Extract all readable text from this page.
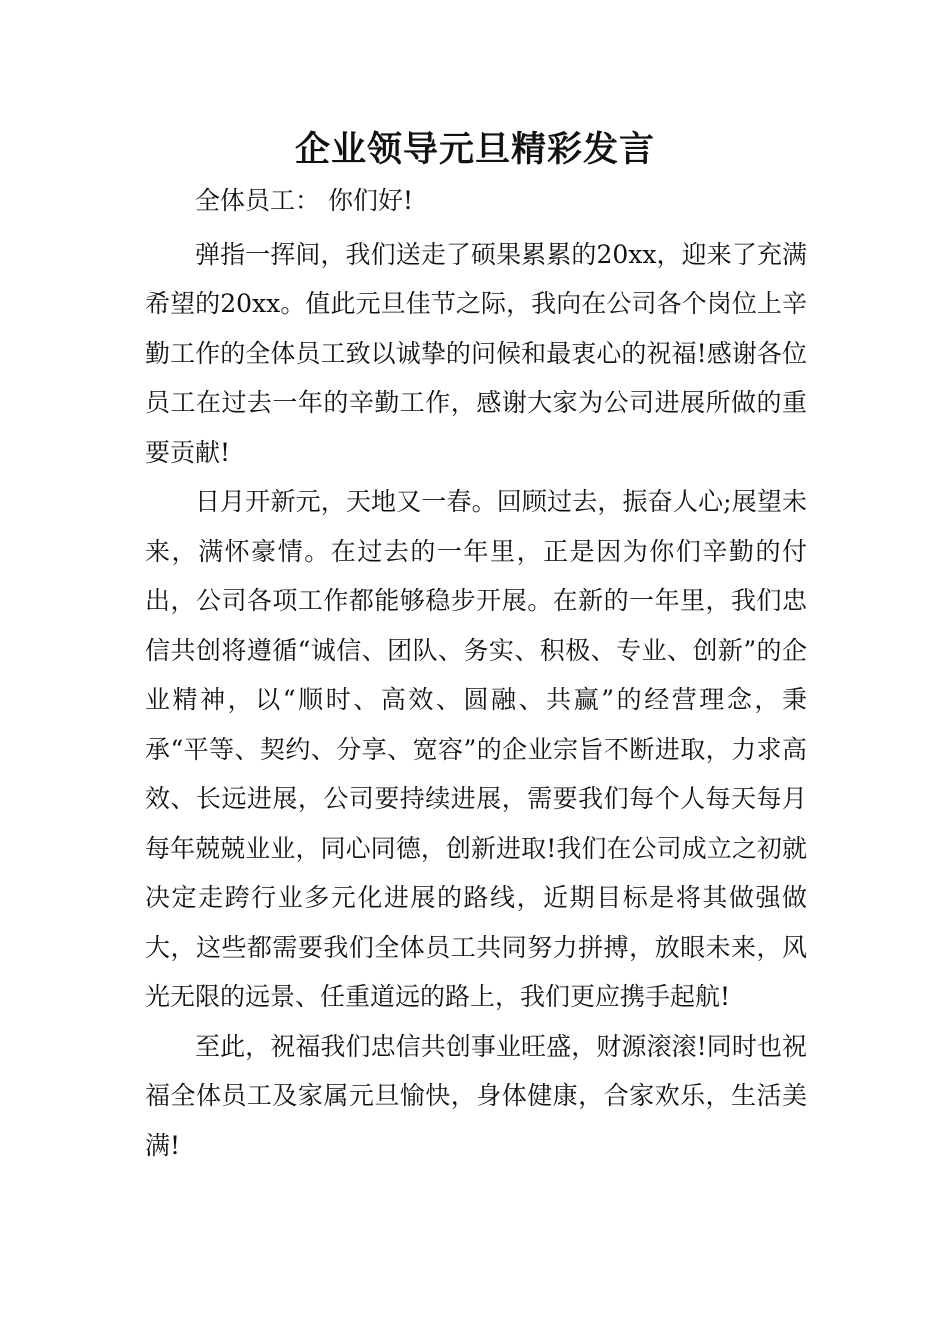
企业领导元旦精彩发言

全体员工： 你们好!

弹指一挥间，我们送走了硕果累累的20xx，迎来了充满希望的20xx。值此元旦佳节之际，我向在公司各个岗位上辛勤工作的全体员工致以诚挚的问候和最衷心的祝福!感谢各位员工在过去一年的辛勤工作，感谢大家为公司进展所做的重要贡献!

日月开新元，天地又一春。回顾过去，振奋人心;展望未来，满怀豪情。在过去的一年里，正是因为你们辛勤的付出，公司各项工作都能够稳步开展。在新的一年里，我们忠信共创将遵循“诚信、团队、务实、积极、专业、创新”的企业精神，以“顺时、高效、圆融、共赢”的经营理念，秉承“平等、契约、分享、宽容”的企业宗旨不断进取，力求高效、长远进展，公司要持续进展，需要我们每个人每天每月每年兢兢业业，同心同德，创新进取!我们在公司成立之初就决定走跨行业多元化进展的路线，近期目标是将其做强做大，这些都需要我们全体员工共同努力拼搏，放眼未来，风光无限的远景、任重道远的路上，我们更应携手起航!

至此，祝福我们忠信共创事业旺盛，财源滚滚!同时也祝福全体员工及家属元旦愉快，身体健康，合家欢乐，生活美满!
